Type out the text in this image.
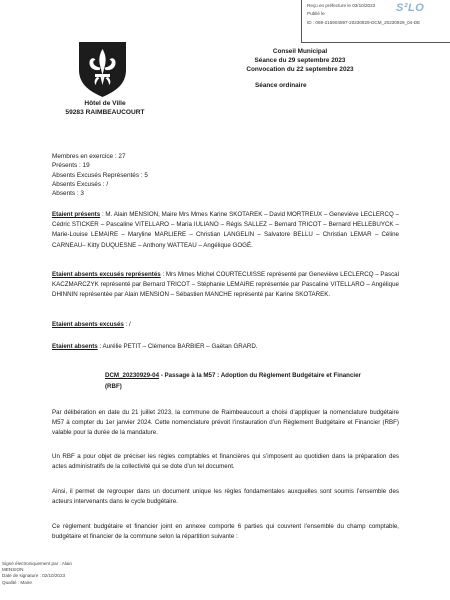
Reçu en préfecture le 03/10/2023
Publié le
ID : 059-215904897-20230929-DCM_20230929_04-DE
S²LO
Hôtel de Ville
59283 RAIMBEAUCOURT
Conseil Municipal
Séance du 29 septembre 2023
Convocation du 22 septembre 2023
Séance ordinaire
Membres en exercice : 27
Présents : 19
Absents Excusés Représentés : 5
Absents Excusés : /
Absents : 3
Etaient présents : M. Alain MENSION, Maire Mrs Mmes Karine SKOTAREK – David MORTREUX – Geneviève LECLERCQ – Cédric STICKER – Pascaline VITELLARO – Maria IULIANO – Régis SALLEZ – Bernard TRICOT – Bernard HELLEBUYCK – Marie-Louise LEMAIRE – Maryline MARLIERE – Christian LANGELIN – Salvatore BELLU – Christian LEMAR – Céline CARNEAU– Kitty DUQUESNE – Anthony WATTEAU – Angélique GOGÉ.
Etaient absents excusés représentés : Mrs Mmes Michel COURTECUISSE représenté par Geneviève LECLERCQ – Pascal KACZMARCZYK représenté par Bernard TRICOT – Stéphanie LEMAIRE représentée par Pascaline VITELLARO – Angélique DHINNIN représentée par Alain MENSION – Sébastien MANCHE représenté par Karine SKOTAREK.
Etaient absents excusés : /
Etaient absents : Aurélie PETIT – Clémence BARBIER – Gaëtan GRARD.
DCM_20230929-04 - Passage à la M57 : Adoption du Règlement Budgétaire et Financier (RBF)
Par délibération en date du 21 juillet 2023, la commune de Raimbeaucourt a choisi d’appliquer la nomenclature budgétaire M57 à compter du 1er janvier 2024. Cette nomenclature prévoit l’instauration d’un Règlement Budgétaire et Financier (RBF) valable pour la durée de la mandature.
Un RBF a pour objet de préciser les règles comptables et financières qui s’imposent au quotidien dans la préparation des actes administratifs de la collectivité qui se dote d’un tel document.
Ainsi, il permet de regrouper dans un document unique les règles fondamentales auxquelles sont soumis l’ensemble des acteurs intervenants dans le cycle budgétaire.
Ce règlement budgétaire et financier joint en annexe comporte 6 parties qui couvrent l’ensemble du champ comptable, budgétaire et financier de la commune selon la répartition suivante :
Signé électroniquement par : Alain
MENSION
Date de signature : 02/10/2023
Qualité : Maire
